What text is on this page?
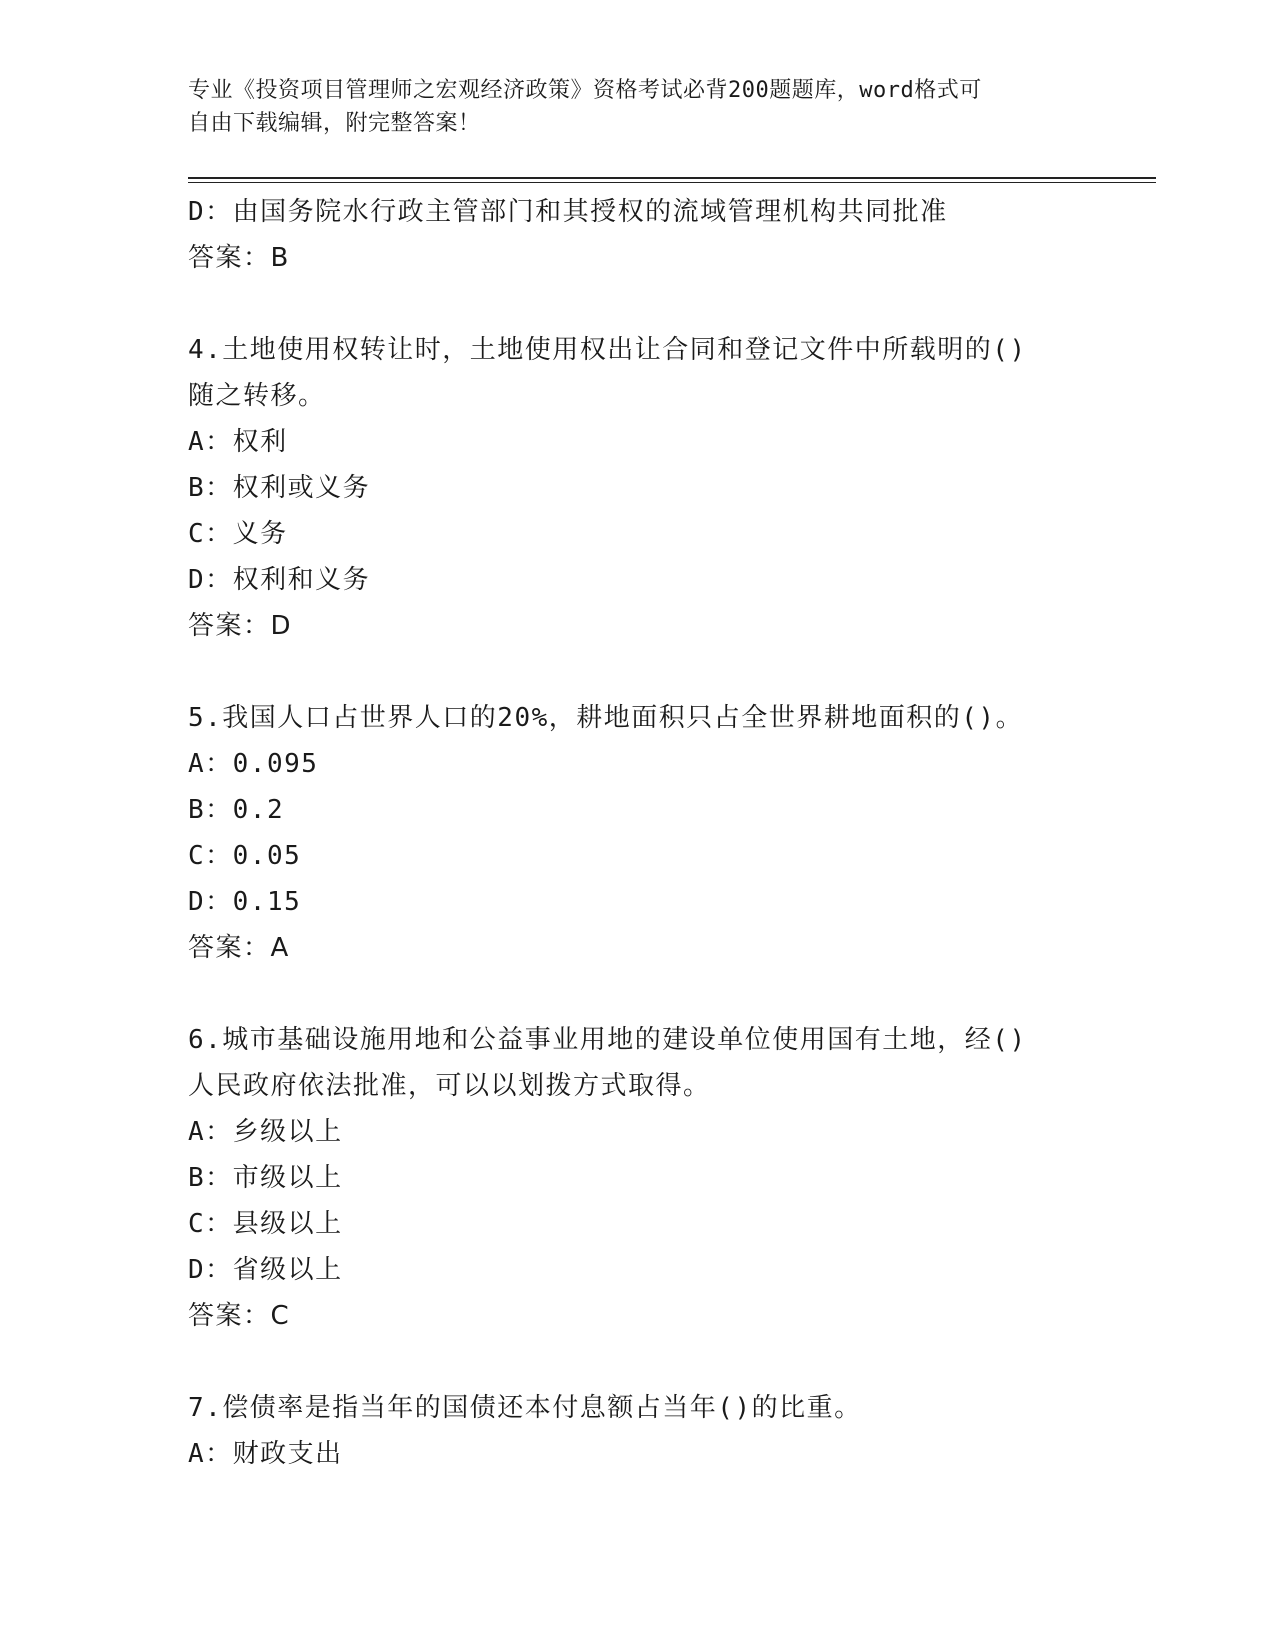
专业《投资项目管理师之宏观经济政策》资格考试必背200题题库，word格式可
自由下载编辑，附完整答案！
D：由国务院水行政主管部门和其授权的流域管理机构共同批准
答案：B
4.土地使用权转让时，土地使用权出让合同和登记文件中所载明的()
随之转移。
A：权利
B：权利或义务
C：义务
D：权利和义务
答案：D
5.我国人口占世界人口的20%，耕地面积只占全世界耕地面积的()。
A：0.095
B：0.2
C：0.05
D：0.15
答案：A
6.城市基础设施用地和公益事业用地的建设单位使用国有土地，经()
人民政府依法批准，可以以划拨方式取得。
A：乡级以上
B：市级以上
C：县级以上
D：省级以上
答案：C
7.偿债率是指当年的国债还本付息额占当年()的比重。
A：财政支出
